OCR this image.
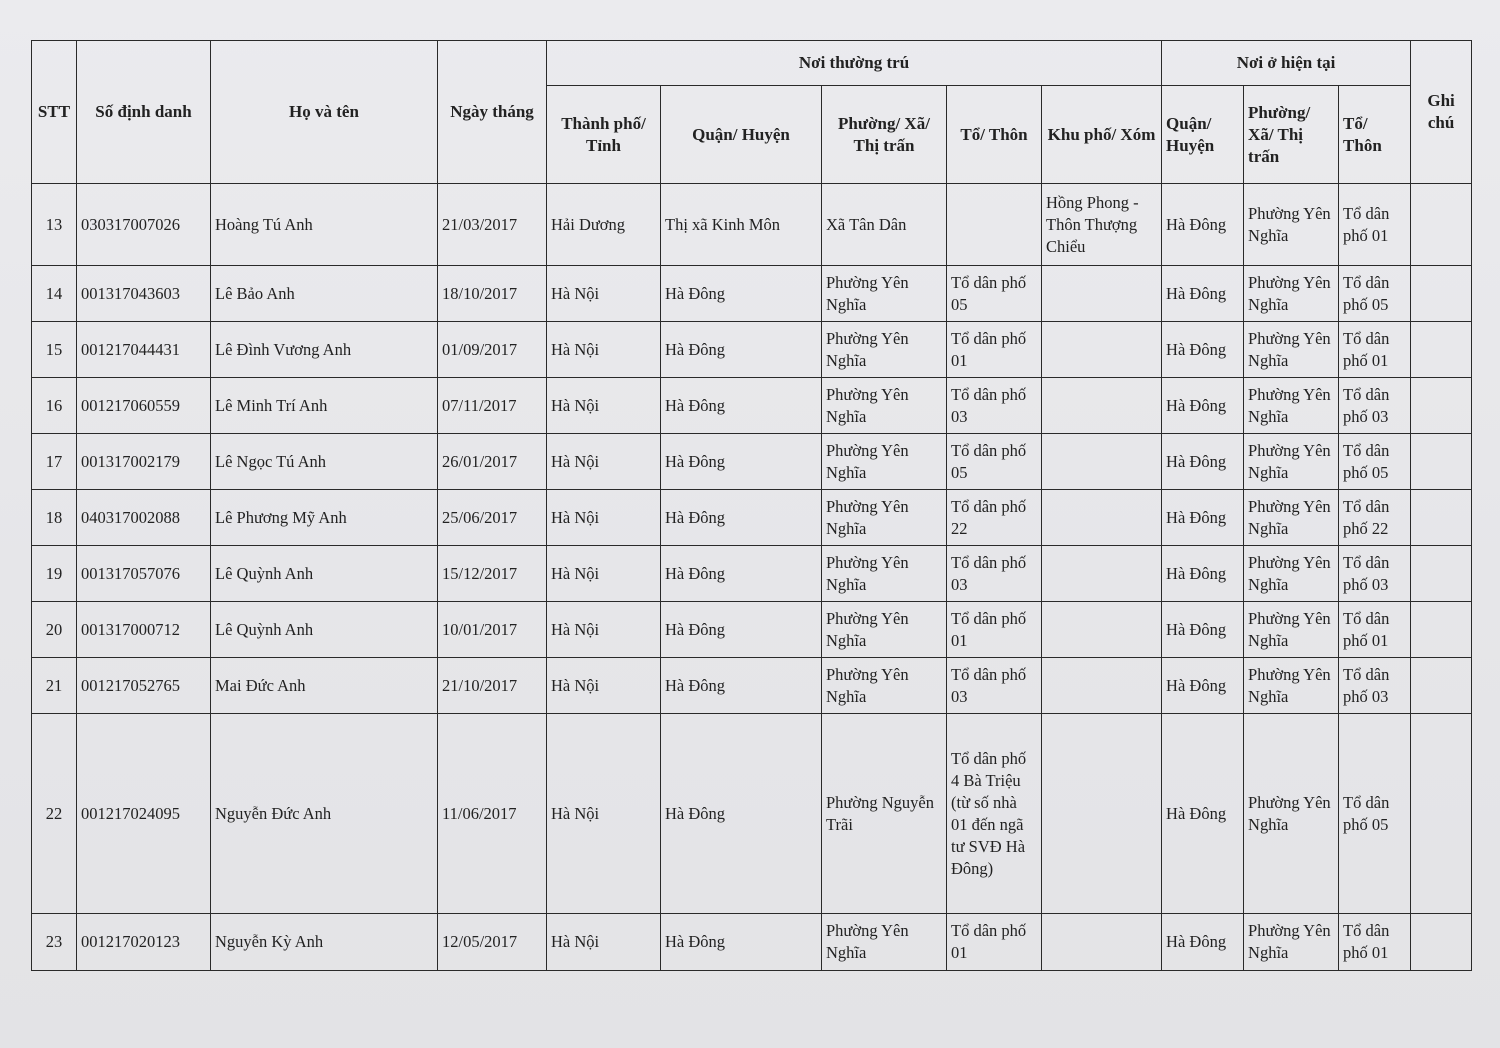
STT	Số định danh	Họ và tên	Ngày tháng	Nơi thường trú					Nơi ở hiện tại			Ghi chú
				Thành phố/ Tỉnh	Quận/ Huyện	Phường/ Xã/ Thị trấn	Tổ/ Thôn	Khu phố/ Xóm	Quận/ Huyện	Phường/ Xã/ Thị trấn	Tổ/ Thôn	
13	030317007026	Hoàng Tú Anh	21/03/2017	Hải Dương	Thị xã Kinh Môn	Xã Tân Dân		Hồng Phong - Thôn Thượng Chiểu	Hà Đông	Phường Yên Nghĩa	Tổ dân phố 01	
14	001317043603	Lê Bảo Anh	18/10/2017	Hà Nội	Hà Đông	Phường Yên Nghĩa	Tổ dân phố 05		Hà Đông	Phường Yên Nghĩa	Tổ dân phố 05	
15	001217044431	Lê Đình Vương Anh	01/09/2017	Hà Nội	Hà Đông	Phường Yên Nghĩa	Tổ dân phố 01		Hà Đông	Phường Yên Nghĩa	Tổ dân phố 01	
16	001217060559	Lê Minh Trí Anh	07/11/2017	Hà Nội	Hà Đông	Phường Yên Nghĩa	Tổ dân phố 03		Hà Đông	Phường Yên Nghĩa	Tổ dân phố 03	
17	001317002179	Lê Ngọc Tú Anh	26/01/2017	Hà Nội	Hà Đông	Phường Yên Nghĩa	Tổ dân phố 05		Hà Đông	Phường Yên Nghĩa	Tổ dân phố 05	
18	040317002088	Lê Phương Mỹ Anh	25/06/2017	Hà Nội	Hà Đông	Phường Yên Nghĩa	Tổ dân phố 22		Hà Đông	Phường Yên Nghĩa	Tổ dân phố 22	
19	001317057076	Lê Quỳnh Anh	15/12/2017	Hà Nội	Hà Đông	Phường Yên Nghĩa	Tổ dân phố 03		Hà Đông	Phường Yên Nghĩa	Tổ dân phố 03	
20	001317000712	Lê Quỳnh Anh	10/01/2017	Hà Nội	Hà Đông	Phường Yên Nghĩa	Tổ dân phố 01		Hà Đông	Phường Yên Nghĩa	Tổ dân phố 01	
21	001217052765	Mai Đức Anh	21/10/2017	Hà Nội	Hà Đông	Phường Yên Nghĩa	Tổ dân phố 03		Hà Đông	Phường Yên Nghĩa	Tổ dân phố 03	
22	001217024095	Nguyễn Đức Anh	11/06/2017	Hà Nội	Hà Đông	Phường Nguyễn Trãi	Tổ dân phố 4 Bà Triệu (từ số nhà 01 đến ngã tư SVĐ Hà Đông)		Hà Đông	Phường Yên Nghĩa	Tổ dân phố 05	
23	001217020123	Nguyễn Kỳ Anh	12/05/2017	Hà Nội	Hà Đông	Phường Yên Nghĩa	Tổ dân phố 01		Hà Đông	Phường Yên Nghĩa	Tổ dân phố 01	
